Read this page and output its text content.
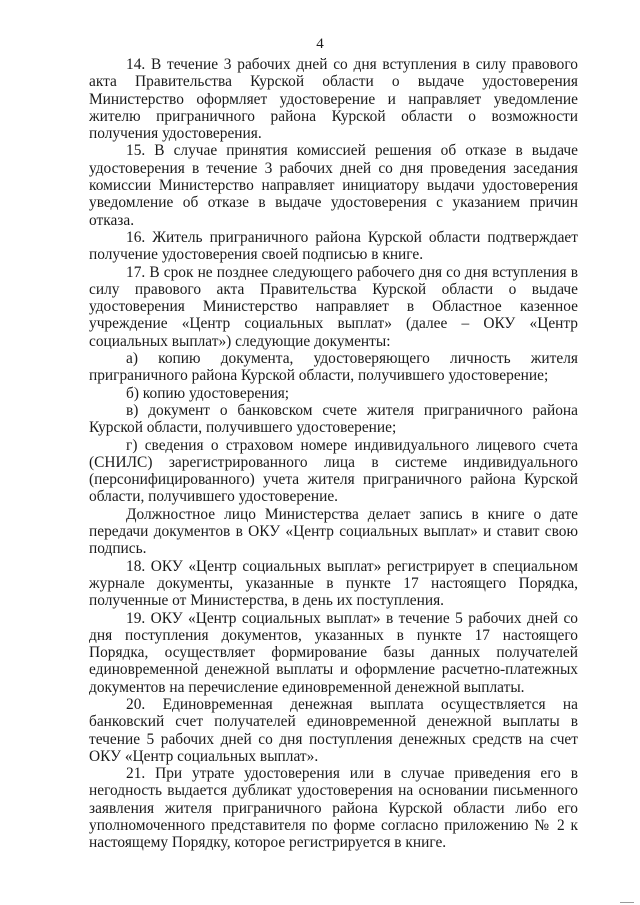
4

14. В течение 3 рабочих дней со дня вступления в силу правового акта Правительства Курской области о выдаче удостоверения Министерство оформляет удостоверение и направляет уведомление жителю приграничного района Курской области о возможности получения удостоверения.

15. В случае принятия комиссией решения об отказе в выдаче удостоверения в течение 3 рабочих дней со дня проведения заседания комиссии Министерство направляет инициатору выдачи удостоверения уведомление об отказе в выдаче удостоверения с указанием причин отказа.

16. Житель приграничного района Курской области подтверждает получение удостоверения своей подписью в книге.

17. В срок не позднее следующего рабочего дня со дня вступления в силу правового акта Правительства Курской области о выдаче удостоверения Министерство направляет в Областное казенное учреждение «Центр социальных выплат» (далее – ОКУ «Центр социальных выплат») следующие документы:

а) копию документа, удостоверяющего личность жителя приграничного района Курской области, получившего удостоверение;

б) копию удостоверения;

в) документ о банковском счете жителя приграничного района Курской области, получившего удостоверение;

г) сведения о страховом номере индивидуального лицевого счета (СНИЛС) зарегистрированного лица в системе индивидуального (персонифицированного) учета жителя приграничного района Курской области, получившего удостоверение.

Должностное лицо Министерства делает запись в книге о дате передачи документов в ОКУ «Центр социальных выплат» и ставит свою подпись.

18. ОКУ «Центр социальных выплат» регистрирует в специальном журнале документы, указанные в пункте 17 настоящего Порядка, полученные от Министерства, в день их поступления.

19. ОКУ «Центр социальных выплат» в течение 5 рабочих дней со дня поступления документов, указанных в пункте 17 настоящего Порядка, осуществляет формирование базы данных получателей единовременной денежной выплаты и оформление расчетно-платежных документов на перечисление единовременной денежной выплаты.

20. Единовременная денежная выплата осуществляется на банковский счет получателей единовременной денежной выплаты в течение 5 рабочих дней со дня поступления денежных средств на счет ОКУ «Центр социальных выплат».

21. При утрате удостоверения или в случае приведения его в негодность выдается дубликат удостоверения на основании письменного заявления жителя приграничного района Курской области либо его уполномоченного представителя по форме согласно приложению № 2 к настоящему Порядку, которое регистрируется в книге.
